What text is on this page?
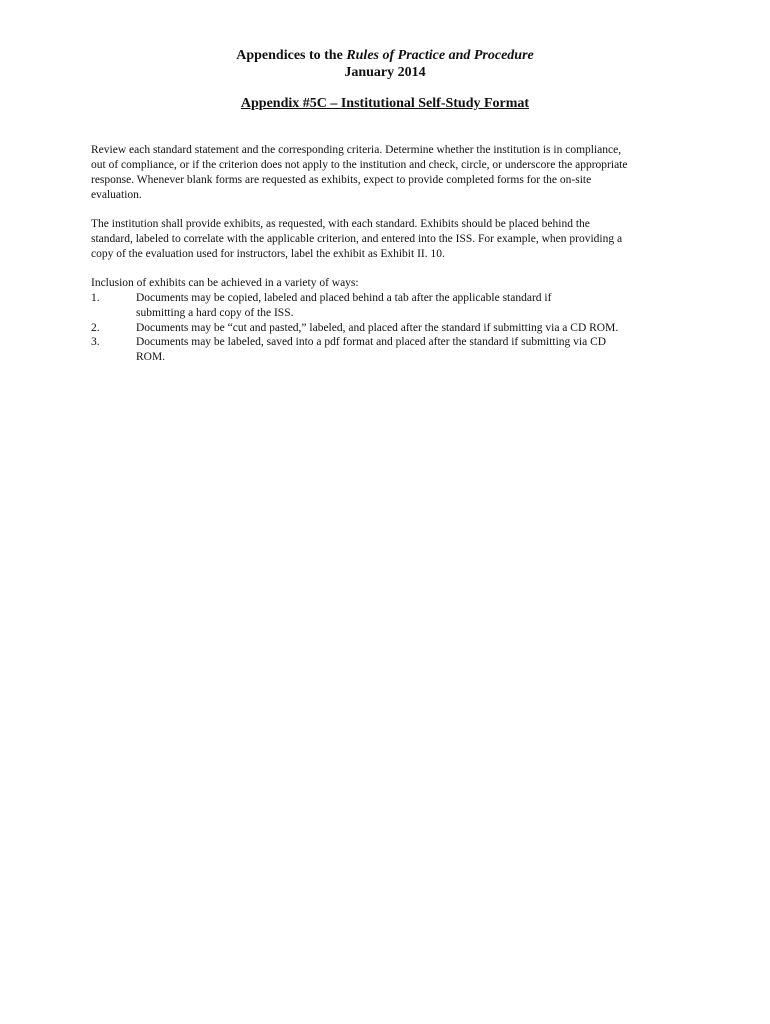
Appendices to the Rules of Practice and Procedure
January 2014
Appendix #5C – Institutional Self-Study Format
Review each standard statement and the corresponding criteria. Determine whether the institution is in compliance,
out of compliance, or if the criterion does not apply to the institution and check, circle, or underscore the appropriate
response. Whenever blank forms are requested as exhibits, expect to provide completed forms for the on-site
evaluation.
The institution shall provide exhibits, as requested, with each standard. Exhibits should be placed behind the
standard, labeled to correlate with the applicable criterion, and entered into the ISS. For example, when providing a
copy of the evaluation used for instructors, label the exhibit as Exhibit II. 10.
Inclusion of exhibits can be achieved in a variety of ways:
1.	Documents may be copied, labeled and placed behind a tab after the applicable standard if
submitting a hard copy of the ISS.
2.	Documents may be “cut and pasted,” labeled, and placed after the standard if submitting via a CD ROM.
3.	Documents may be labeled, saved into a pdf format and placed after the standard if submitting via CD
ROM.
